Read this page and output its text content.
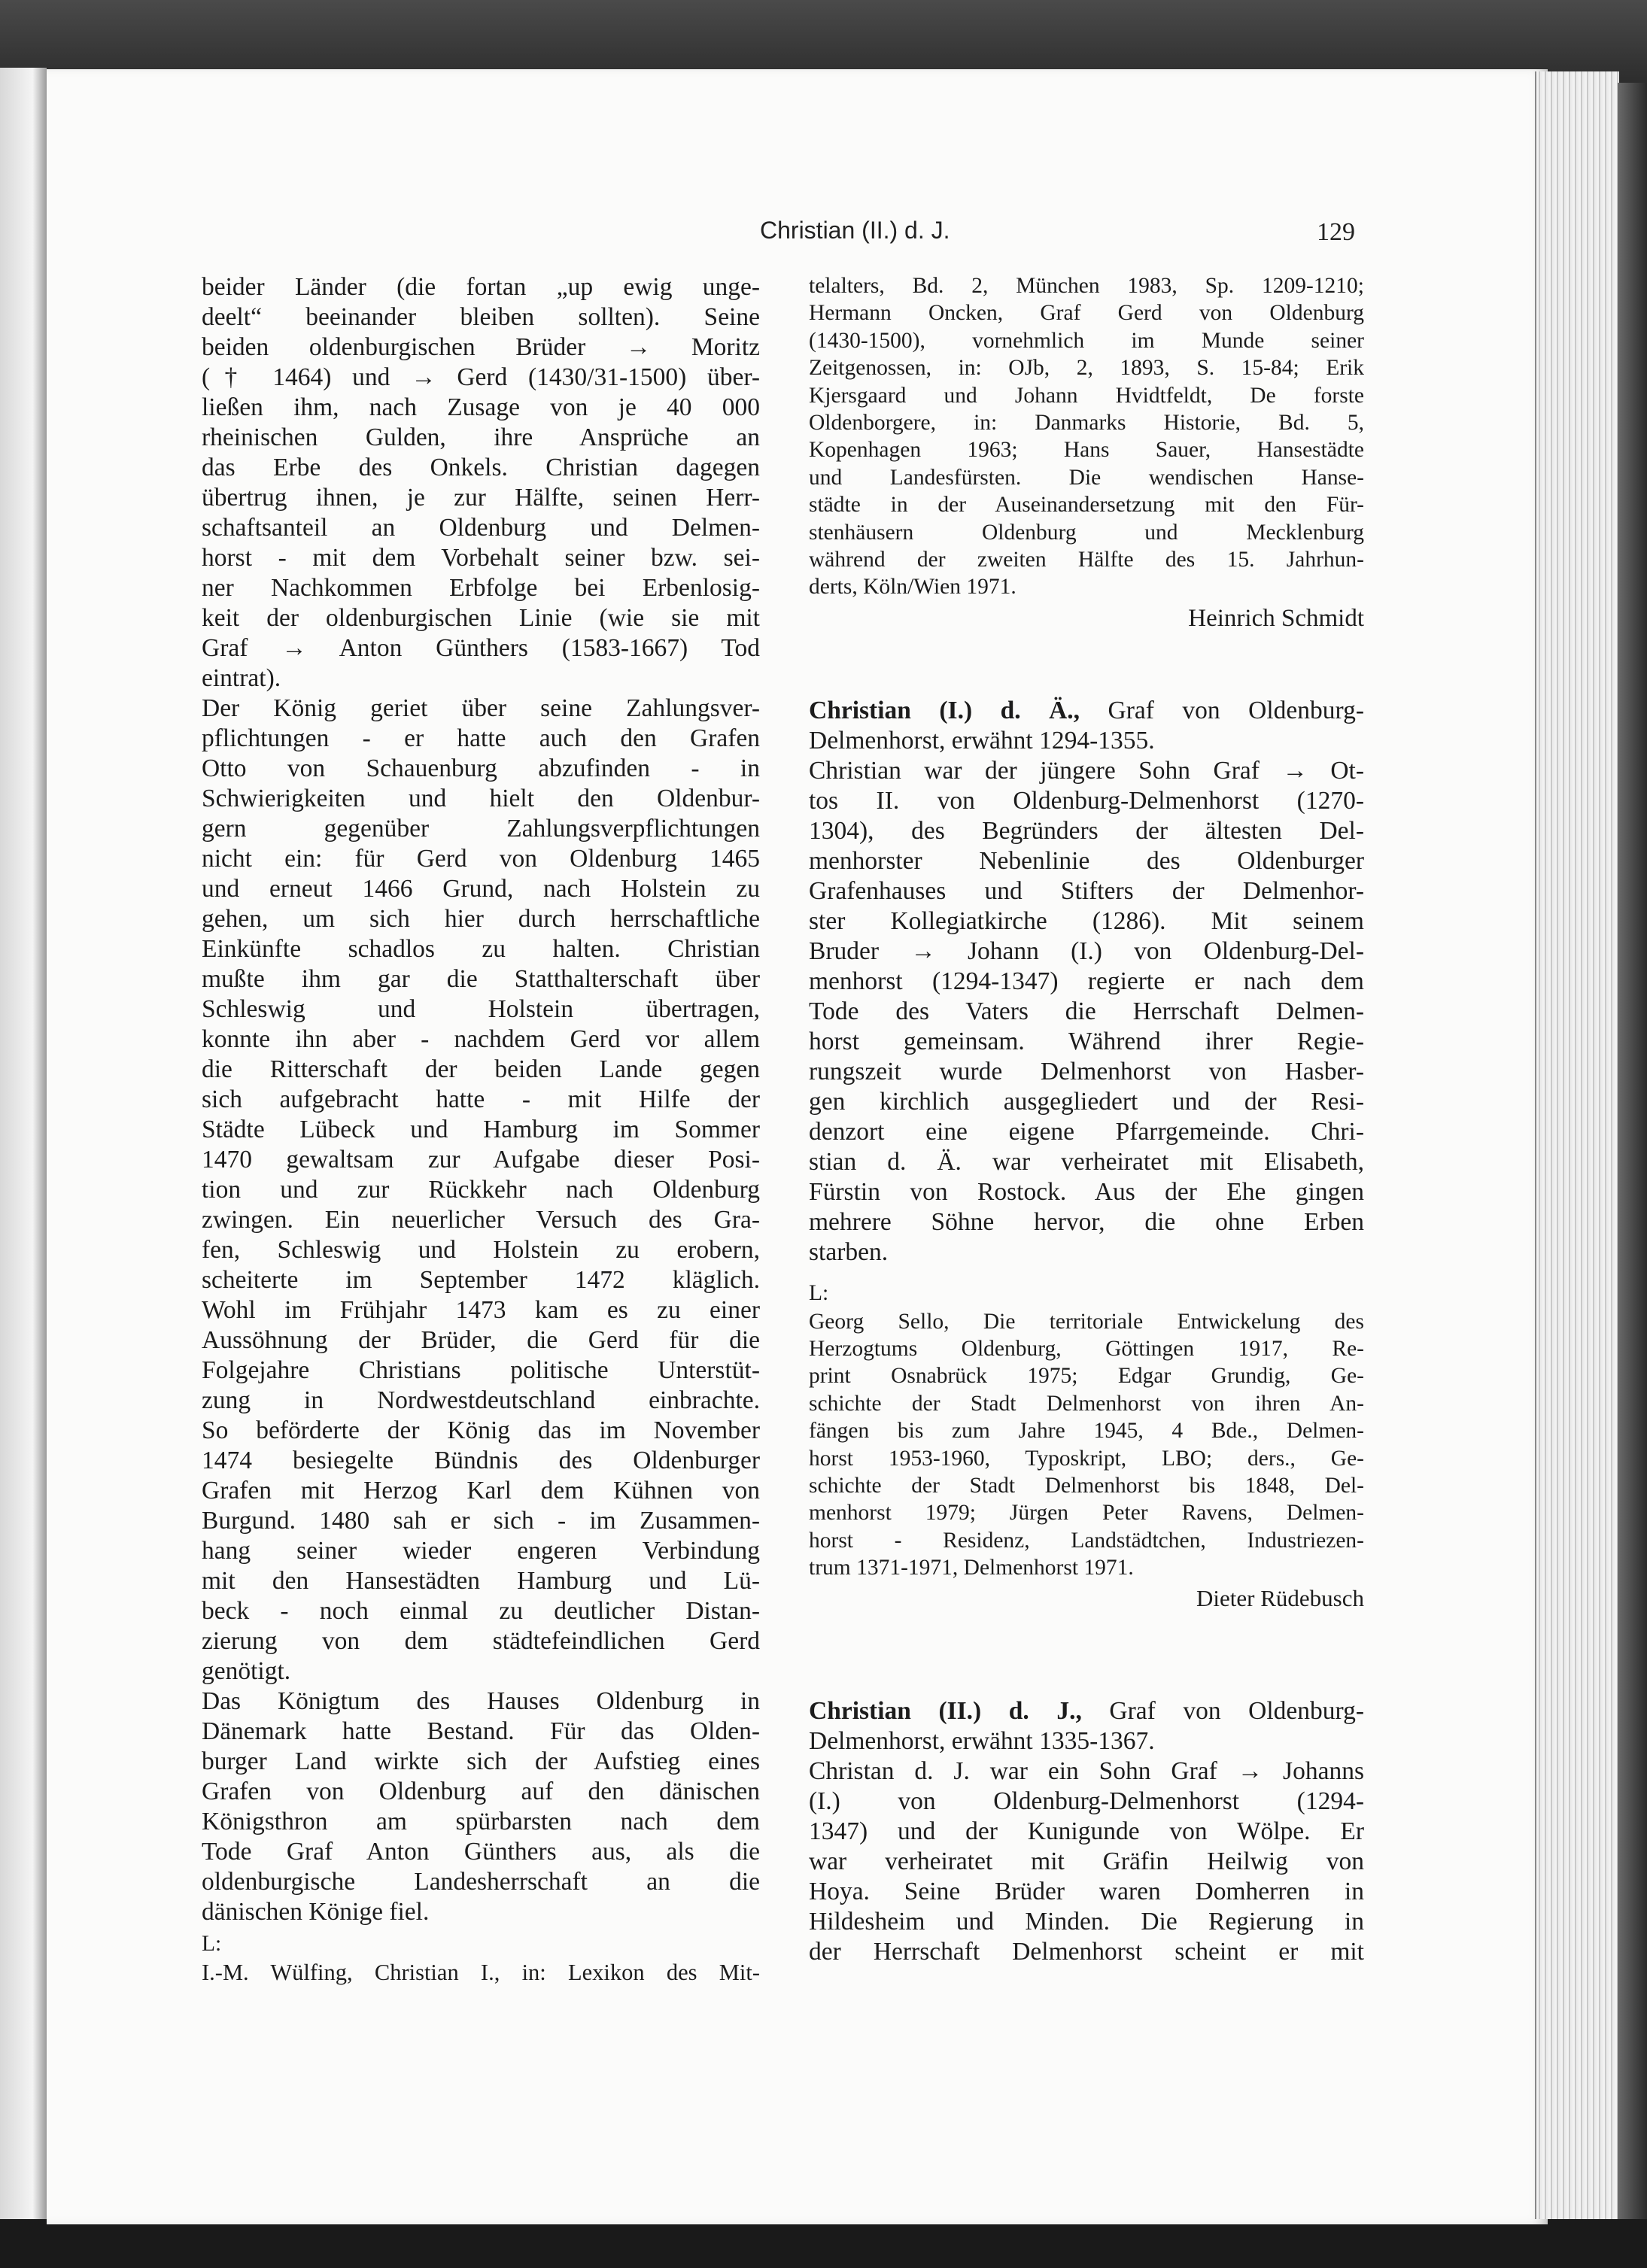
Christian (II.) d. J.	129
beider Länder (die fortan „up ewig unge-
deelt“ beeinander bleiben sollten). Seine
beiden oldenburgischen Brüder → Moritz
(† 1464) und → Gerd (1430/31-1500) über-
ließen ihm, nach Zusage von je 40 000
rheinischen Gulden, ihre Ansprüche an
das Erbe des Onkels. Christian dagegen
übertrug ihnen, je zur Hälfte, seinen Herr-
schaftsanteil an Oldenburg und Delmen-
horst - mit dem Vorbehalt seiner bzw. sei-
ner Nachkommen Erbfolge bei Erbenlosig-
keit der oldenburgischen Linie (wie sie mit
Graf → Anton Günthers (1583-1667) Tod
eintrat).
Der König geriet über seine Zahlungsver-
pflichtungen - er hatte auch den Grafen
Otto von Schauenburg abzufinden - in
Schwierigkeiten und hielt den Oldenbur-
gern gegenüber Zahlungsverpflichtungen
nicht ein: für Gerd von Oldenburg 1465
und erneut 1466 Grund, nach Holstein zu
gehen, um sich hier durch herrschaftliche
Einkünfte schadlos zu halten. Christian
mußte ihm gar die Statthalterschaft über
Schleswig und Holstein übertragen,
konnte ihn aber - nachdem Gerd vor allem
die Ritterschaft der beiden Lande gegen
sich aufgebracht hatte - mit Hilfe der
Städte Lübeck und Hamburg im Sommer
1470 gewaltsam zur Aufgabe dieser Posi-
tion und zur Rückkehr nach Oldenburg
zwingen. Ein neuerlicher Versuch des Gra-
fen, Schleswig und Holstein zu erobern,
scheiterte im September 1472 kläglich.
Wohl im Frühjahr 1473 kam es zu einer
Aussöhnung der Brüder, die Gerd für die
Folgejahre Christians politische Unterstüt-
zung in Nordwestdeutschland einbrachte.
So beförderte der König das im November
1474 besiegelte Bündnis des Oldenburger
Grafen mit Herzog Karl dem Kühnen von
Burgund. 1480 sah er sich - im Zusammen-
hang seiner wieder engeren Verbindung
mit den Hansestädten Hamburg und Lü-
beck - noch einmal zu deutlicher Distan-
zierung von dem städtefeindlichen Gerd
genötigt.
Das Königtum des Hauses Oldenburg in
Dänemark hatte Bestand. Für das Olden-
burger Land wirkte sich der Aufstieg eines
Grafen von Oldenburg auf den dänischen
Königsthron am spürbarsten nach dem
Tode Graf Anton Günthers aus, als die
oldenburgische Landesherrschaft an die
dänischen Könige fiel.
L:
I.-M. Wülfing, Christian I., in: Lexikon des Mit-
telalters, Bd. 2, München 1983, Sp. 1209-1210;
Hermann Oncken, Graf Gerd von Oldenburg
(1430-1500), vornehmlich im Munde seiner
Zeitgenossen, in: OJb, 2, 1893, S. 15-84; Erik
Kjersgaard und Johann Hvidtfeldt, De forste
Oldenborgere, in: Danmarks Historie, Bd. 5,
Kopenhagen 1963; Hans Sauer, Hansestädte
und Landesfürsten. Die wendischen Hanse-
städte in der Auseinandersetzung mit den Für-
stenhäusern Oldenburg und Mecklenburg
während der zweiten Hälfte des 15. Jahrhun-
derts, Köln/Wien 1971.
Heinrich Schmidt
Christian (I.) d. Ä., Graf von Oldenburg-
Delmenhorst, erwähnt 1294-1355.
Christian war der jüngere Sohn Graf → Ot-
tos II. von Oldenburg-Delmenhorst (1270-
1304), des Begründers der ältesten Del-
menhorster Nebenlinie des Oldenburger
Grafenhauses und Stifters der Delmenhor-
ster Kollegiatkirche (1286). Mit seinem
Bruder → Johann (I.) von Oldenburg-Del-
menhorst (1294-1347) regierte er nach dem
Tode des Vaters die Herrschaft Delmen-
horst gemeinsam. Während ihrer Regie-
rungszeit wurde Delmenhorst von Hasber-
gen kirchlich ausgegliedert und der Resi-
denzort eine eigene Pfarrgemeinde. Chri-
stian d. Ä. war verheiratet mit Elisabeth,
Fürstin von Rostock. Aus der Ehe gingen
mehrere Söhne hervor, die ohne Erben
starben.
L:
Georg Sello, Die territoriale Entwickelung des
Herzogtums Oldenburg, Göttingen 1917, Re-
print Osnabrück 1975; Edgar Grundig, Ge-
schichte der Stadt Delmenhorst von ihren An-
fängen bis zum Jahre 1945, 4 Bde., Delmen-
horst 1953-1960, Typoskript, LBO; ders., Ge-
schichte der Stadt Delmenhorst bis 1848, Del-
menhorst 1979; Jürgen Peter Ravens, Delmen-
horst - Residenz, Landstädtchen, Industriezen-
trum 1371-1971, Delmenhorst 1971.
Dieter Rüdebusch
Christian (II.) d. J., Graf von Oldenburg-
Delmenhorst, erwähnt 1335-1367.
Christan d. J. war ein Sohn Graf → Johanns
(I.) von Oldenburg-Delmenhorst (1294-
1347) und der Kunigunde von Wölpe. Er
war verheiratet mit Gräfin Heilwig von
Hoya. Seine Brüder waren Domherren in
Hildesheim und Minden. Die Regierung in
der Herrschaft Delmenhorst scheint er mit
